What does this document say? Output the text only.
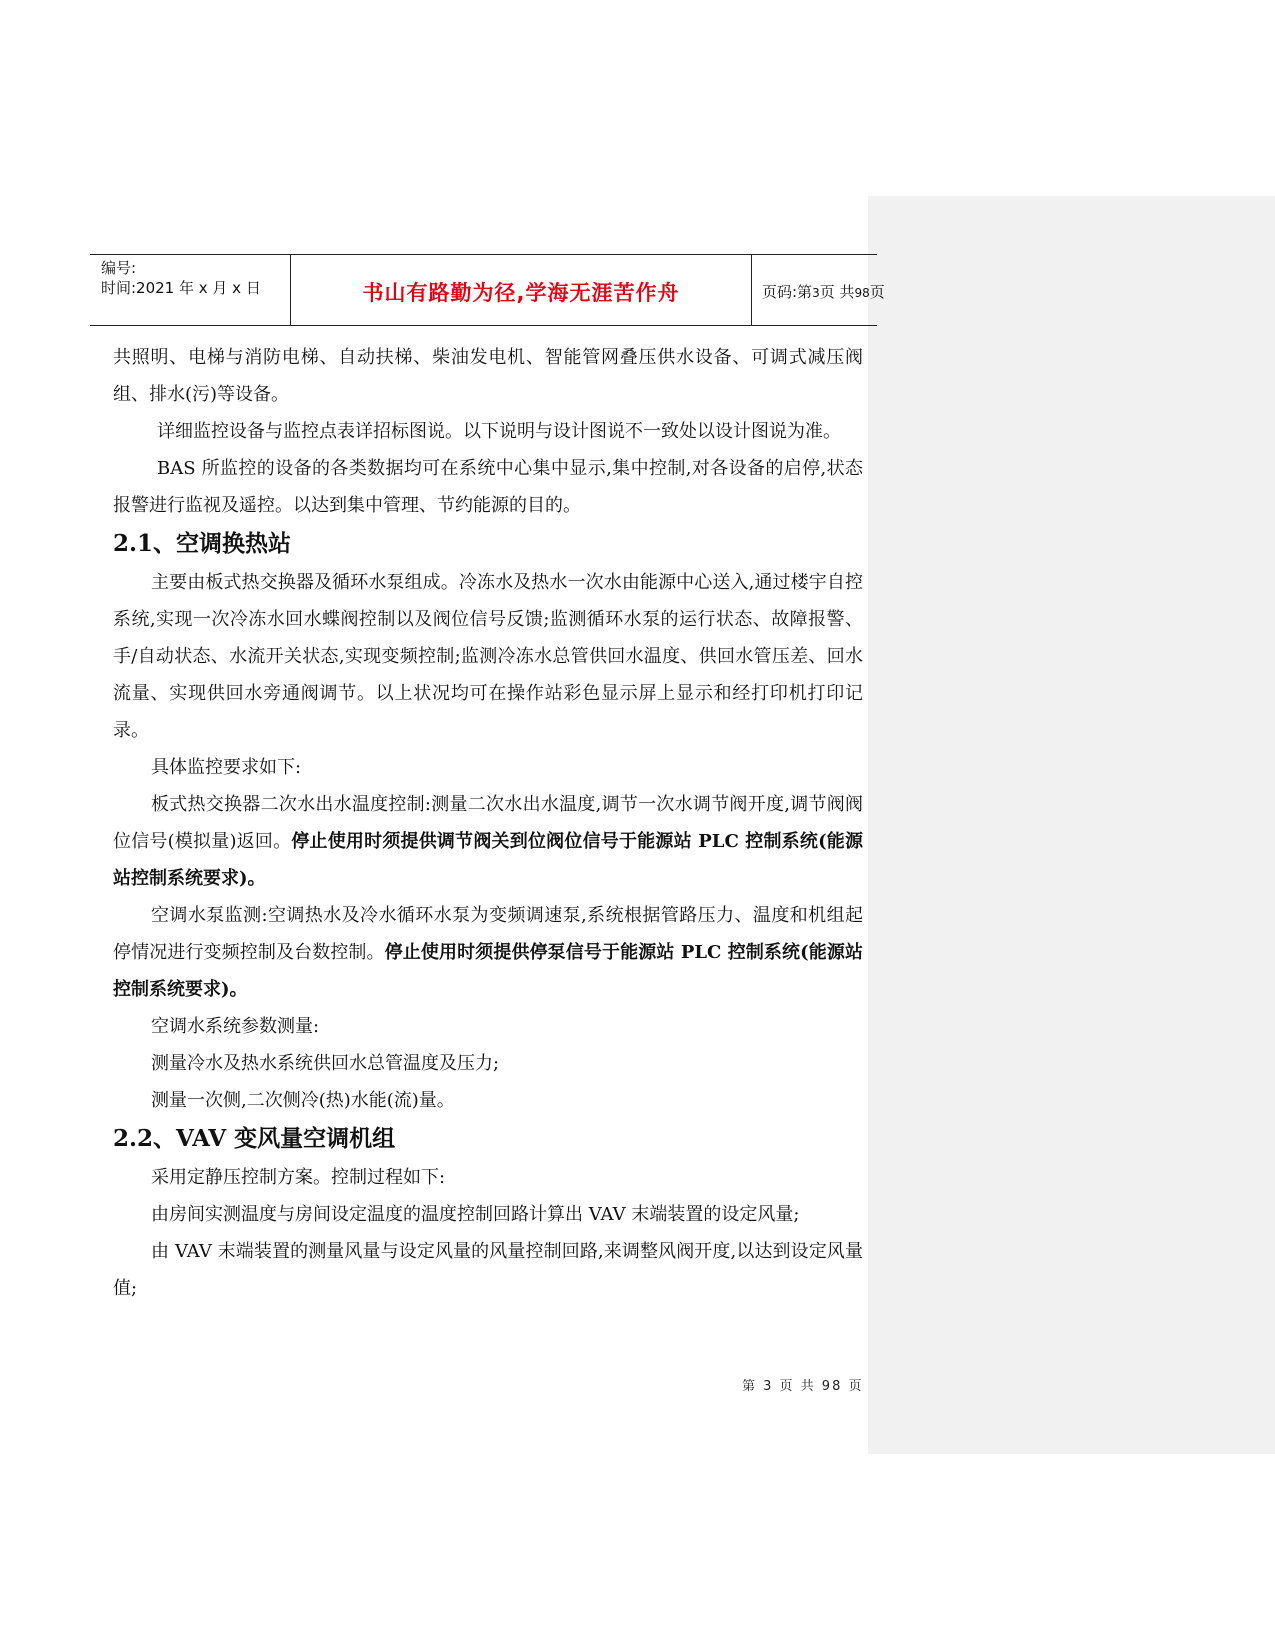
编号:
时间:2021 年 x 月 x 日	书山有路勤为径,学海无涯苦作舟	页码:第3页 共98页

共照明、电梯与消防电梯、自动扶梯、柴油发电机、智能管网叠压供水设备、可调式减压阀组、排水(污)等设备。

详细监控设备与监控点表详招标图说。以下说明与设计图说不一致处以设计图说为准。

BAS 所监控的设备的各类数据均可在系统中心集中显示,集中控制,对各设备的启停,状态报警进行监视及遥控。以达到集中管理、节约能源的目的。

2.1、空调换热站

主要由板式热交换器及循环水泵组成。冷冻水及热水一次水由能源中心送入,通过楼宇自控系统,实现一次冷冻水回水蝶阀控制以及阀位信号反馈;监测循环水泵的运行状态、故障报警、手/自动状态、水流开关状态,实现变频控制;监测冷冻水总管供回水温度、供回水管压差、回水流量、实现供回水旁通阀调节。以上状况均可在操作站彩色显示屏上显示和经打印机打印记录。

具体监控要求如下:

板式热交换器二次水出水温度控制:测量二次水出水温度,调节一次水调节阀开度,调节阀阀位信号(模拟量)返回。停止使用时须提供调节阀关到位阀位信号于能源站 PLC 控制系统(能源站控制系统要求)。

空调水泵监测:空调热水及冷水循环水泵为变频调速泵,系统根据管路压力、温度和机组起停情况进行变频控制及台数控制。停止使用时须提供停泵信号于能源站 PLC 控制系统(能源站控制系统要求)。

空调水系统参数测量:

测量冷水及热水系统供回水总管温度及压力;

测量一次侧,二次侧冷(热)水能(流)量。

2.2、VAV 变风量空调机组

采用定静压控制方案。控制过程如下:

由房间实测温度与房间设定温度的温度控制回路计算出 VAV 末端装置的设定风量;

由 VAV 末端装置的测量风量与设定风量的风量控制回路,来调整风阀开度,以达到设定风量值;

第 3 页 共 98 页
